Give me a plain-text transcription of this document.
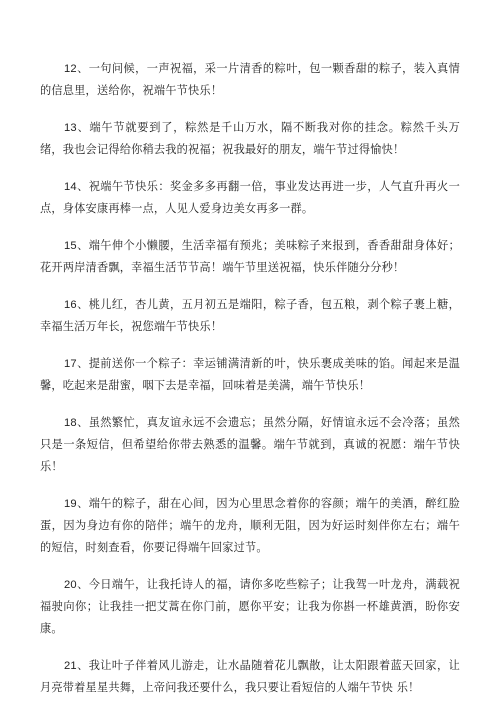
12、一句问候，一声祝福，采一片清香的粽叶，包一颗香甜的粽子，装入真情的信息里，送给你，祝端午节快乐！

13、端午节就要到了，粽然是千山万水，隔不断我对你的挂念。粽然千头万绪，我也会记得给你稍去我的祝福；祝我最好的朋友，端午节过得愉快！

14、祝端午节快乐：奖金多多再翻一倍，事业发达再进一步，人气直升再火一点，身体安康再棒一点，人见人爱身边美女再多一群。

15、端午伸个小懒腰，生活幸福有预兆；美味粽子来报到，香香甜甜身体好；花开两岸清香飘，幸福生活节节高！端午节里送祝福，快乐伴随分分秒！

16、桃儿红，杏儿黄，五月初五是端阳，粽子香，包五粮，剥个粽子裹上糖，幸福生活万年长，祝您端午节快乐！

17、提前送你一个粽子：幸运铺满清新的叶，快乐裹成美味的馅。闻起来是温馨，吃起来是甜蜜，咽下去是幸福，回味着是美满，端午节快乐！

18、虽然繁忙，真友谊永远不会遗忘；虽然分隔，好情谊永远不会冷落；虽然只是一条短信，但希望给你带去熟悉的温馨。端午节就到，真诚的祝愿：端午节快乐！

19、端午的粽子，甜在心间，因为心里思念着你的容颜；端午的美酒，醉红脸蛋，因为身边有你的陪伴；端午的龙舟，顺利无阻，因为好运时刻伴你左右；端午的短信，时刻查看，你要记得端午回家过节。

20、今日端午，让我托诗人的福，请你多吃些粽子；让我驾一叶龙舟，满载祝福驶向你；让我挂一把艾蒿在你门前，愿你平安；让我为你斟一杯雄黄酒，盼你安康。

21、我让叶子伴着风儿游走，让水晶随着花儿飘散，让太阳跟着蓝天回家，让月亮带着星星共舞，上帝问我还要什么，我只要让看短信的人端午节快 乐！
